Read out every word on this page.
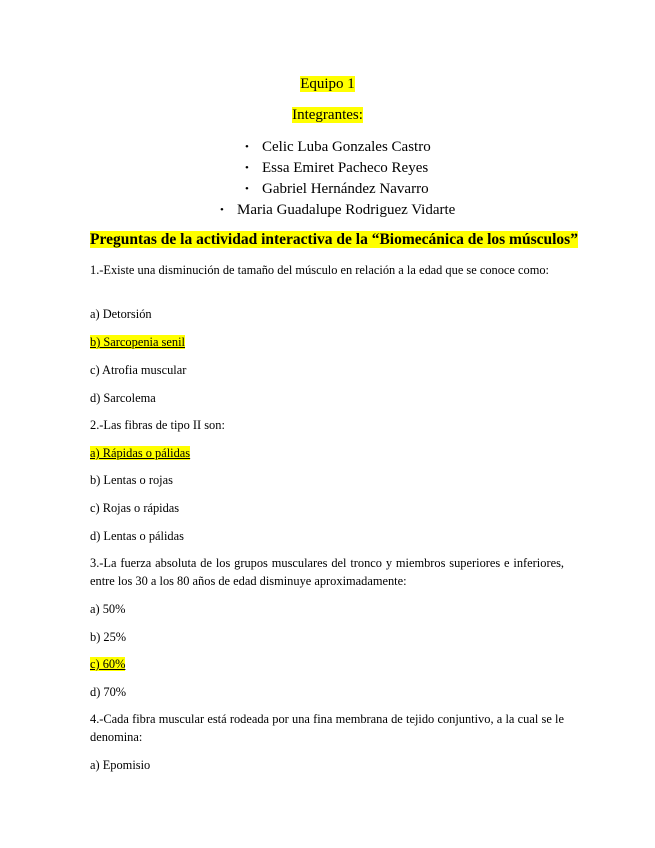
Equipo 1
Integrantes:
• Celic Luba Gonzales Castro
• Essa Emiret Pacheco Reyes
• Gabriel Hernández Navarro
• Maria Guadalupe Rodriguez Vidarte
Preguntas de la actividad interactiva de la “Biomecánica de los músculos”
1.-Existe una disminución de tamaño del músculo en relación a la edad que se conoce como:
a) Detorsión
b) Sarcopenia senil
c) Atrofia muscular
d) Sarcolema
2.-Las fibras de tipo II son:
a) Rápidas o pálidas
b) Lentas o rojas
c) Rojas o rápidas
d) Lentas o pálidas
3.-La fuerza absoluta de los grupos musculares del tronco y miembros superiores e inferiores, entre los 30 a los 80 años de edad disminuye aproximadamente:
a) 50%
b) 25%
c) 60%
d) 70%
4.-Cada fibra muscular está rodeada por una fina membrana de tejido conjuntivo, a la cual se le denomina:
a) Epomisio
